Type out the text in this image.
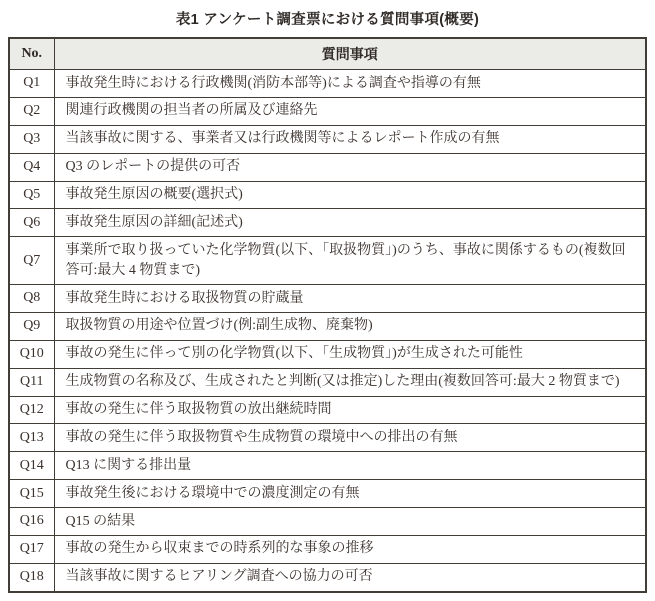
表1 アンケート調査票における質問事項(概要)
No.	質問事項
Q1	事故発生時における行政機関(消防本部等)による調査や指導の有無
Q2	関連行政機関の担当者の所属及び連絡先
Q3	当該事故に関する、事業者又は行政機関等によるレポート作成の有無
Q4	Q3 のレポートの提供の可否
Q5	事故発生原因の概要(選択式)
Q6	事故発生原因の詳細(記述式)
Q7	事業所で取り扱っていた化学物質(以下、「取扱物質」)のうち、事故に関係するもの(複数回答可:最大 4 物質まで)
Q8	事故発生時における取扱物質の貯蔵量
Q9	取扱物質の用途や位置づけ(例:副生成物、廃棄物)
Q10	事故の発生に伴って別の化学物質(以下、「生成物質」)が生成された可能性
Q11	生成物質の名称及び、生成されたと判断(又は推定)した理由(複数回答可:最大 2 物質まで)
Q12	事故の発生に伴う取扱物質の放出継続時間
Q13	事故の発生に伴う取扱物質や生成物質の環境中への排出の有無
Q14	Q13 に関する排出量
Q15	事故発生後における環境中での濃度測定の有無
Q16	Q15 の結果
Q17	事故の発生から収束までの時系列的な事象の推移
Q18	当該事故に関するヒアリング調査への協力の可否
